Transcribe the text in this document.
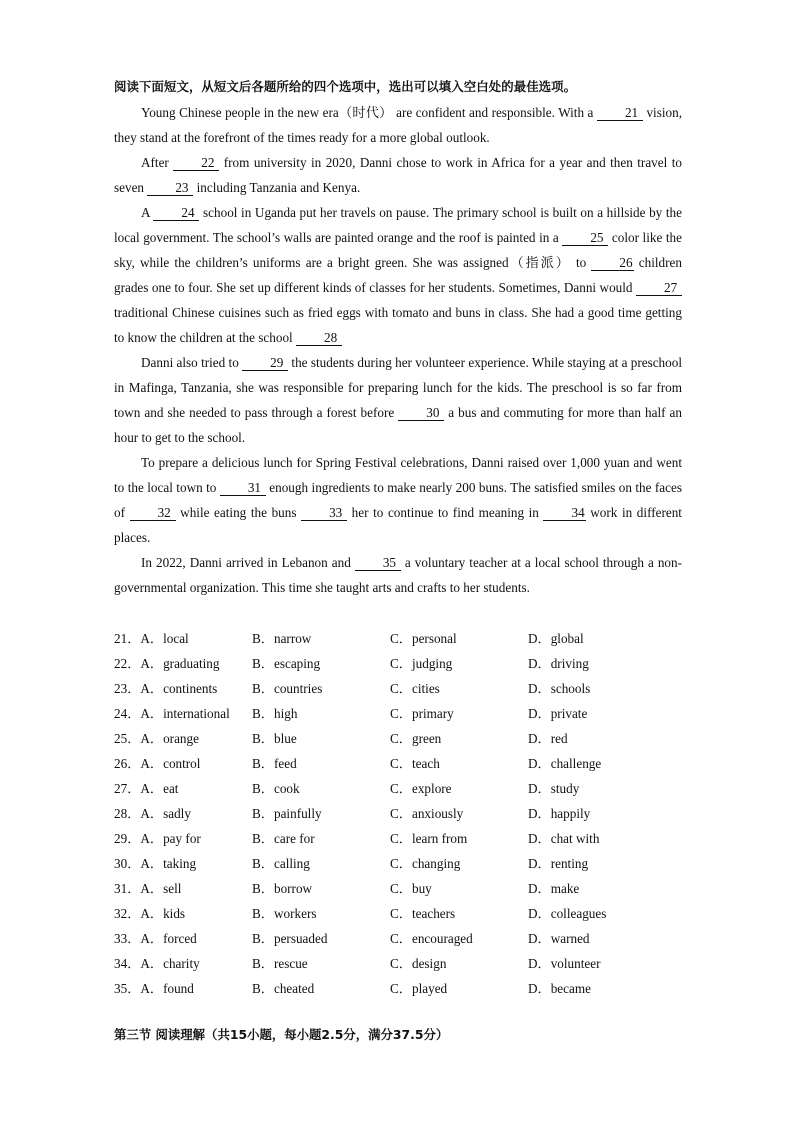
阅读下面短文，从短文后各题所给的四个选项中，选出可以填入空白处的最佳选项。

Young Chinese people in the new era（时代） are confident and responsible. With a 21 vision, they stand at the forefront of the times ready for a more global outlook.

After 22 from university in 2020, Danni chose to work in Africa for a year and then travel to seven 23 including Tanzania and Kenya.

A 24 school in Uganda put her travels on pause. The primary school is built on a hillside by the local government. The school’s walls are painted orange and the roof is painted in a 25 color like the sky, while the children’s uniforms are a bright green. She was assigned（指派） to 26 children grades one to four. She set up different kinds of classes for her students. Sometimes, Danni would 27 traditional Chinese cuisines such as fried eggs with tomato and buns in class. She had a good time getting to know the children at the school 28

Danni also tried to 29 the students during her volunteer experience. While staying at a preschool in Mafinga, Tanzania, she was responsible for preparing lunch for the kids. The preschool is so far from town and she needed to pass through a forest before 30 a bus and commuting for more than half an hour to get to the school.

To prepare a delicious lunch for Spring Festival celebrations, Danni raised over 1,000 yuan and went to the local town to 31 enough ingredients to make nearly 200 buns. The satisfied smiles on the faces of 32 while eating the buns 33 her to continue to find meaning in 34 work in different places.

In 2022, Danni arrived in Lebanon and 35 a voluntary teacher at a local school through a non-governmental organization. This time she taught arts and crafts to her students.

21．A．local	B．narrow	C．personal	D．global
22．A．graduating	B．escaping	C．judging	D．driving
23．A．continents	B．countries	C．cities	D．schools
24．A．international	B．high	C．primary	D．private
25．A．orange	B．blue	C．green	D．red
26．A．control	B．feed	C．teach	D．challenge
27．A．eat	B．cook	C．explore	D．study
28．A．sadly	B．painfully	C．anxiously	D．happily
29．A．pay for	B．care for	C．learn from	D．chat with
30．A．taking	B．calling	C．changing	D．renting
31．A．sell	B．borrow	C．buy	D．make
32．A．kids	B．workers	C．teachers	D．colleagues
33．A．forced	B．persuaded	C．encouraged	D．warned
34．A．charity	B．rescue	C．design	D．volunteer
35．A．found	B．cheated	C．played	D．became
第三节 阅读理解（共15小题，每小题2.5分，满分37.5分）
